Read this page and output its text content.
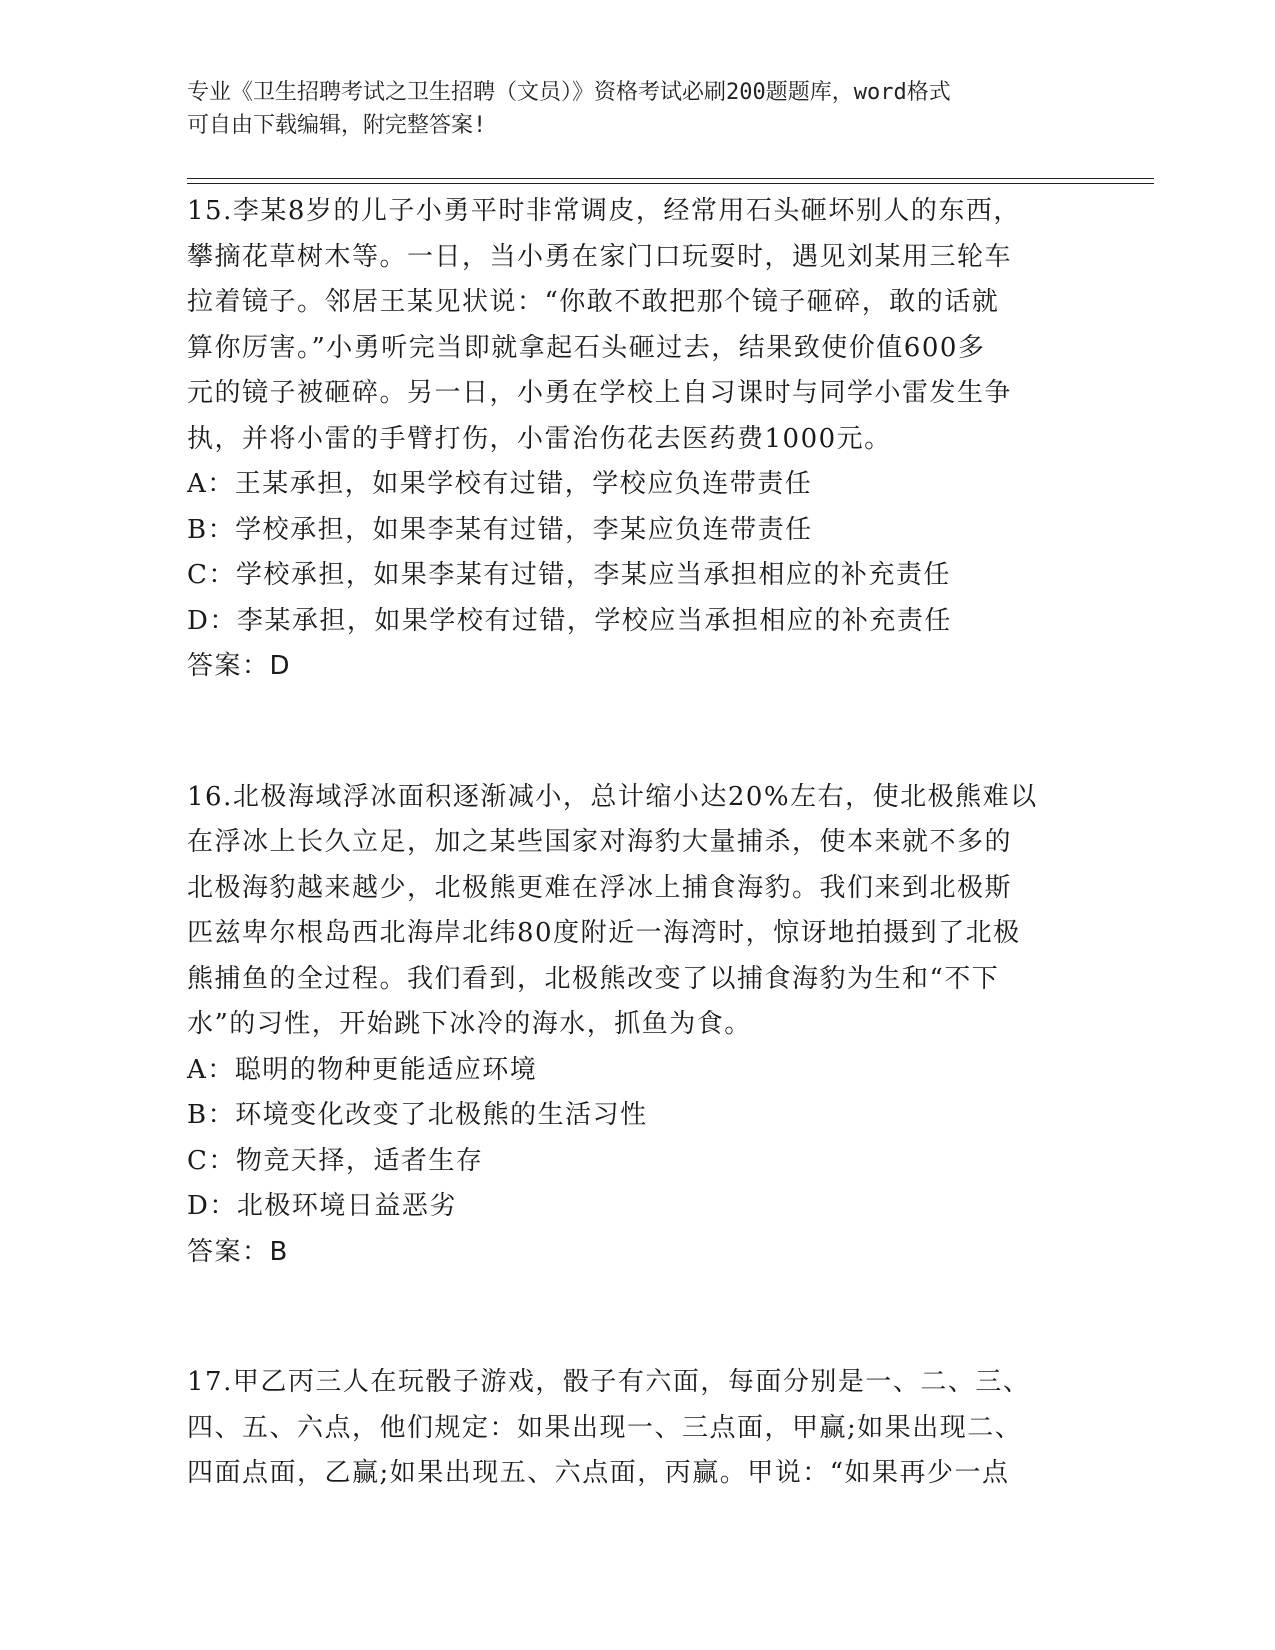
专业《卫生招聘考试之卫生招聘（文员）》资格考试必刷200题题库，word格式
可自由下载编辑，附完整答案!
15.李某8岁的儿子小勇平时非常调皮，经常用石头砸坏别人的东西，
攀摘花草树木等。一日，当小勇在家门口玩耍时，遇见刘某用三轮车
拉着镜子。邻居王某见状说：“你敢不敢把那个镜子砸碎，敢的话就
算你厉害。”小勇听完当即就拿起石头砸过去，结果致使价值600多
元的镜子被砸碎。另一日，小勇在学校上自习课时与同学小雷发生争
执，并将小雷的手臂打伤，小雷治伤花去医药费1000元。
A：王某承担，如果学校有过错，学校应负连带责任
B：学校承担，如果李某有过错，李某应负连带责任
C：学校承担，如果李某有过错，李某应当承担相应的补充责任
D：李某承担，如果学校有过错，学校应当承担相应的补充责任
答案：D
16.北极海域浮冰面积逐渐减小，总计缩小达20%左右，使北极熊难以
在浮冰上长久立足，加之某些国家对海豹大量捕杀，使本来就不多的
北极海豹越来越少，北极熊更难在浮冰上捕食海豹。我们来到北极斯
匹兹卑尔根岛西北海岸北纬80度附近一海湾时，惊讶地拍摄到了北极
熊捕鱼的全过程。我们看到，北极熊改变了以捕食海豹为生和“不下
水”的习性，开始跳下冰冷的海水，抓鱼为食。
A：聪明的物种更能适应环境
B：环境变化改变了北极熊的生活习性
C：物竞天择，适者生存
D：北极环境日益恶劣
答案：B
17.甲乙丙三人在玩骰子游戏，骰子有六面，每面分别是一、二、三、
四、五、六点，他们规定：如果出现一、三点面，甲赢;如果出现二、
四面点面，乙赢;如果出现五、六点面，丙赢。甲说：“如果再少一点
